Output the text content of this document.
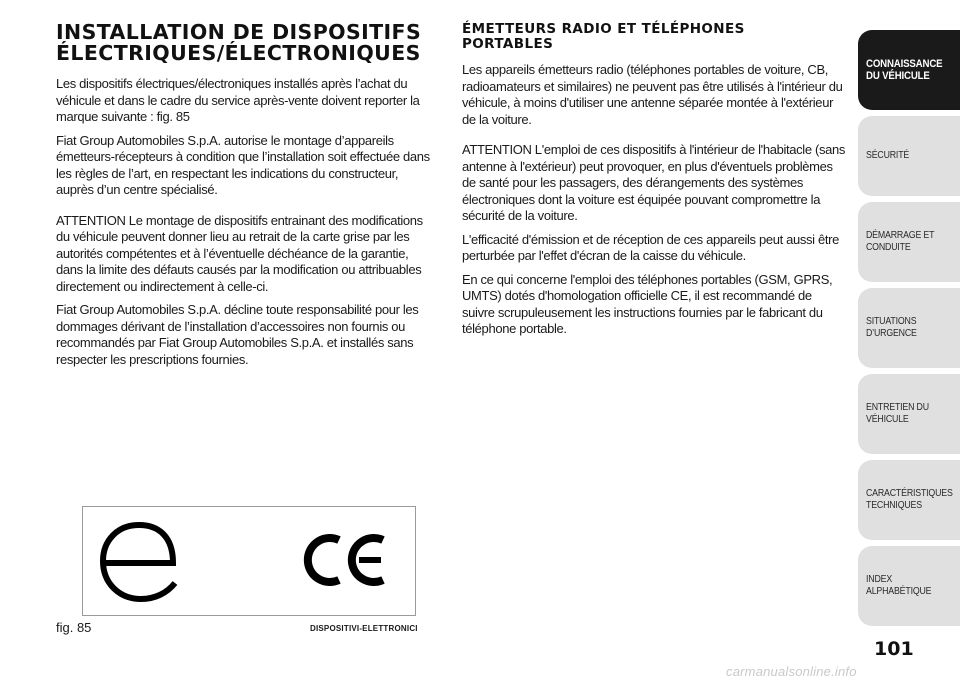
INSTALLATION DE DISPOSITIFS
ÉLECTRIQUES/ÉLECTRONIQUES

Les dispositifs électriques/électroniques installés après l’achat du véhicule et dans le cadre du service après-vente doivent reporter la marque suivante : fig. 85

Fiat Group Automobiles S.p.A. autorise le montage d’appareils émetteurs-récepteurs à condition que l’installation soit effectuée dans les règles de l’art, en respectant les indications du constructeur, auprès d’un centre spécialisé.

ATTENTION Le montage de dispositifs entrainant des modifications du véhicule peuvent donner lieu au retrait de la carte grise par les autorités compétentes et à l’éventuelle déchéance de la garantie, dans la limite des défauts causés par la modification ou attribuables directement ou indirectement à celle-ci.

Fiat Group Automobiles S.p.A. décline toute responsabilité pour les dommages dérivant de l’installation d’accessoires non fournis ou recommandés par Fiat Group Automobiles S.p.A. et installés sans respecter les prescriptions fournies.

ÉMETTEURS RADIO ET TÉLÉPHONES
PORTABLES

Les appareils émetteurs radio (téléphones portables de voiture, CB, radioamateurs et similaires) ne peuvent pas être utilisés à l'intérieur du véhicule, à moins d'utiliser une antenne séparée montée à l'extérieur de la voiture.

ATTENTION L'emploi de ces dispositifs à l'intérieur de l'habitacle (sans antenne à l'extérieur) peut provoquer, en plus d'éventuels problèmes de santé pour les passagers, des dérangements des systèmes électroniques dont la voiture est équipée pouvant compromettre la sécurité de la voiture.

L'efficacité d'émission et de réception de ces appareils peut aussi être perturbée par l'effet d'écran de la caisse du véhicule.

En ce qui concerne l'emploi des téléphones portables (GSM, GPRS, UMTS) dotés d'homologation officielle CE, il est recommandé de suivre scrupuleusement les instructions fournies par le fabricant du téléphone portable.

fig. 85	DISPOSITIVI-ELETTRONICI
CONNAISSANCE
DU VÉHICULE
SÉCURITÉ
DÉMARRAGE ET
CONDUITE
SITUATIONS
D’URGENCE
ENTRETIEN DU
VÉHICULE
CARACTÉRISTIQUES
TECHNIQUES
INDEX
ALPHABÉTIQUE
101
carmanualsonline.info
